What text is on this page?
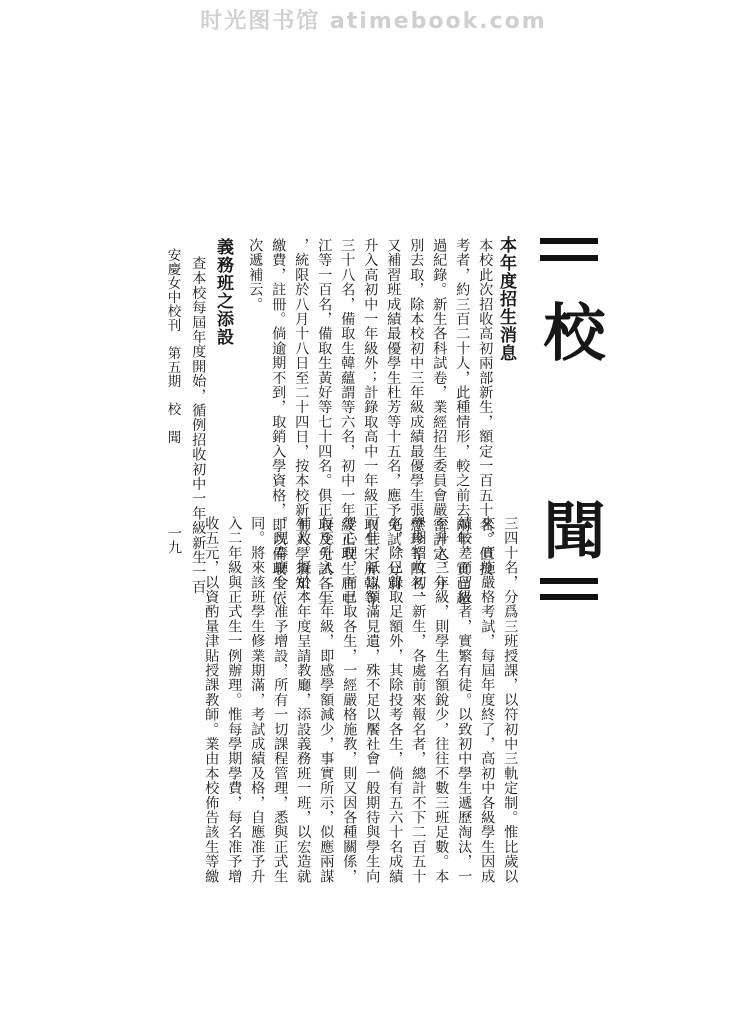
时光图书馆 atimebook.com
校
聞
本年度招生消息
本校此次招收高初兩部新生，額定一百五十名。但投
考者，約三百二十人，此種情形，較之前去兩年，實已超
過紀錄。新生各科試卷，業經招生委員會嚴密評定，分
別去取，除本校初中三年級成績最優學生張懋珍等四名，
又補習班成績最優學生杜芳等十五名，應予免試，分別
升入高初中一年級外；計錄取高中一年級正取生宋屏翰等
三十八名，備取生韓蘊謂等六名，初中一年級正取生唐申
江等一百名，備取生黃好等七十四名。俱正取及免試各生
，統限於八月十八日至二十四日，按本校新生入學須知，
繳費，註冊。倘逾期不到，取銷入學資格，即以備取生依
次遞補云。
義務班之添設
查本校每屆年度開始，循例招收初中一年級新生一百
安慶女中校刊　第五期　校　聞
三四十名，分爲三班授課，以符初中三軌定制。惟比歲以
來，實施嚴格考試，每屆年度終了，高初中各級學生因成
績較差而留級者，實繁有徒。以致初中學生遞歷淘汰，一
至升入三年級，則學生名額銳少，往往不數三班足數。本
學期招收初一新生，各處前來報名者，總計不下二百五十
名，除已錄取足額外，其除投考各生，倘有五六十名成績
可佳，祇以額滿見遺，殊不足以饜社會一般期待與學生向
學心理，而已取各生，一經嚴格施教，則又因各種關係，
每至升入二三年級，即感學額減少，事實所示，似應兩謀
補救。擬於本年度呈請教廳，添設義務班一班，以宏造就
。現奉廳令：准予增設，所有一切課程管理，悉與正式生
同。將來該班學生修業期滿，考試成績及格，自應准予升
入二年級與正式生一例辦理。惟每學期學費，每名准予增
收五元，以資酌量津貼授課教師。業由本校佈告該生等繳
一九
